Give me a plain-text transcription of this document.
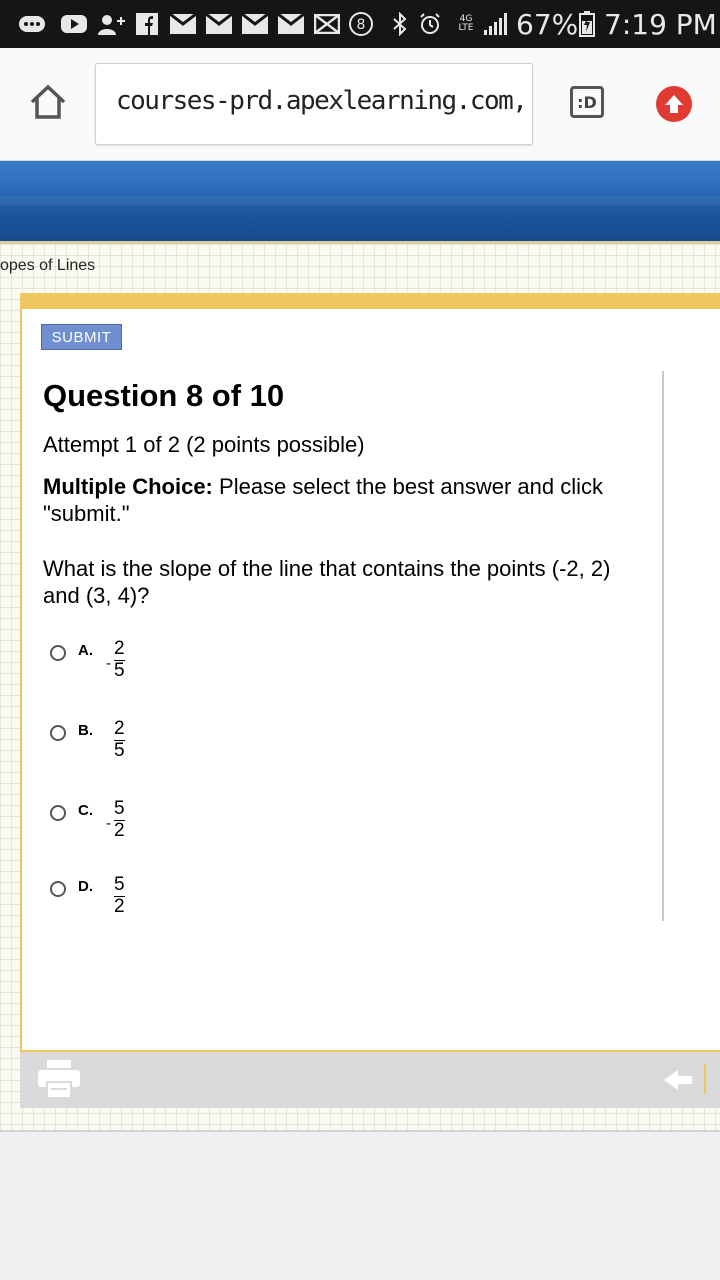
8	4G LTE 67% 7:19 PM
courses-prd.apexlearning.com,	:D
opes of Lines
SUBMIT
Question 8 of 10
Attempt 1 of 2 (2 points possible)
Multiple Choice: Please select the best answer and click "submit."
What is the slope of the line that contains the points (-2, 2) and (3, 4)?
A.
-
2
5
B. 2
5
C.
-
5
2
D. 5
2
